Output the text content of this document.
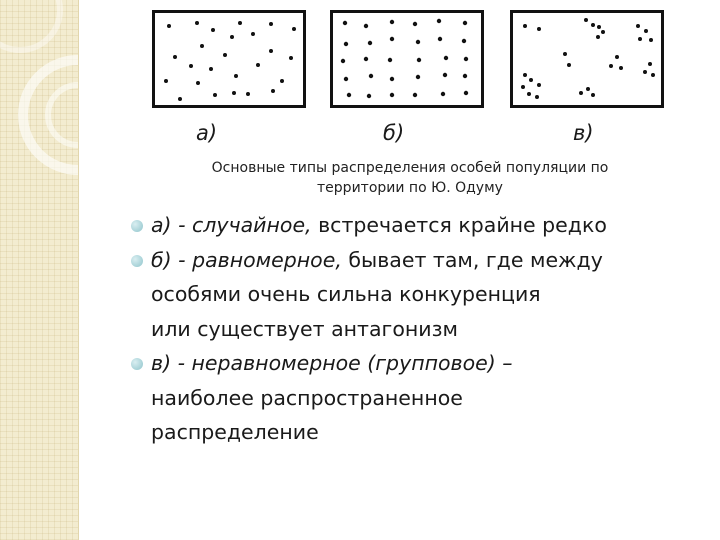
а)	б)	в)
Основные типы распределения особей популяции по
территории по Ю. Одуму
а) - случайное, встречается крайне редко
б) - равномерное, бывает там, где между
особями очень сильна конкуренция
или существует антагонизм
в) - неравномерное (групповое) –
наиболее распространенное
распределение
